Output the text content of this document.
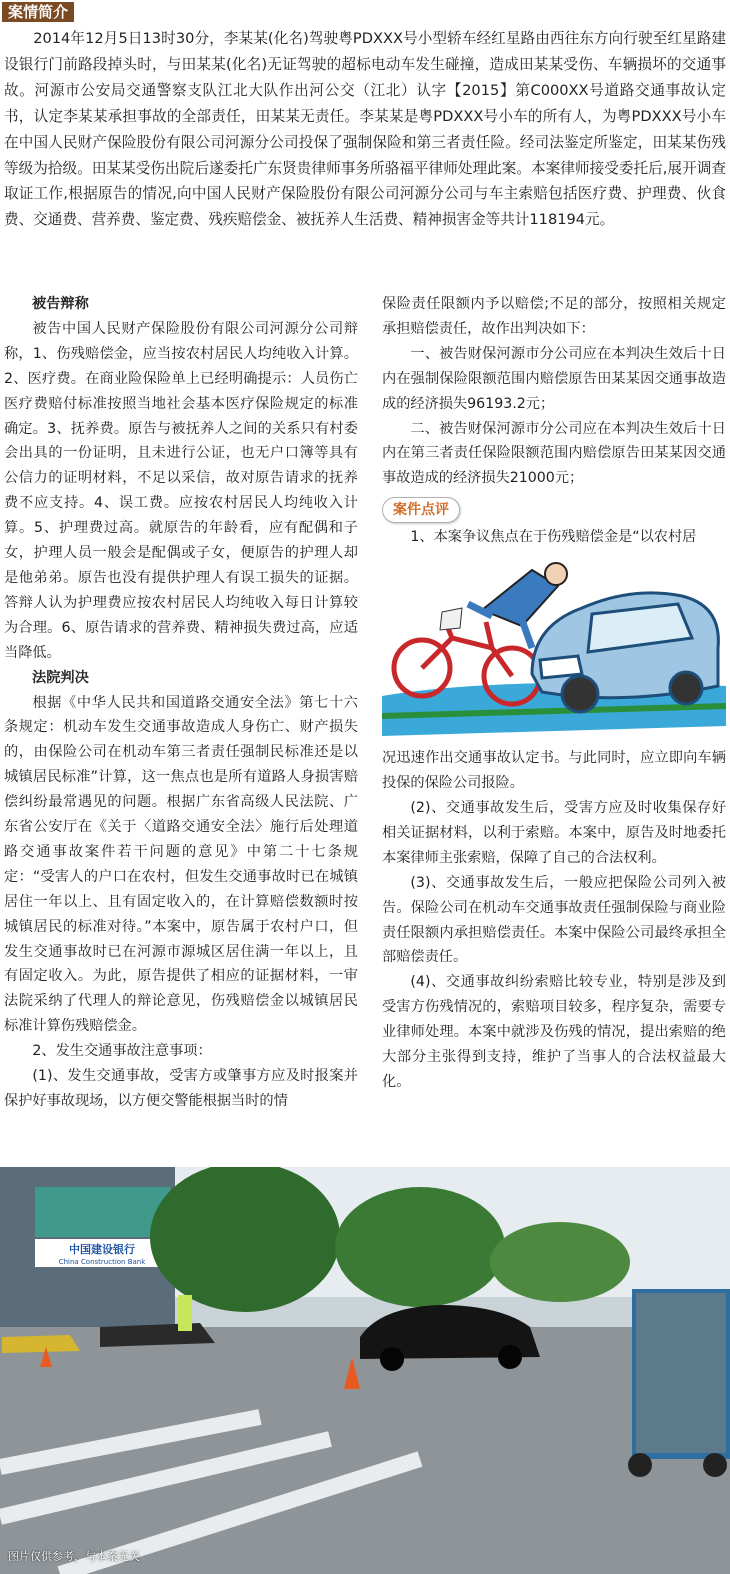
案情简介

2014年12月5日13时30分，李某某(化名)驾驶粤PDXXX号小型轿车经红星路由西往东方向行驶至红星路建设银行门前路段掉头时，与田某某(化名)无证驾驶的超标电动车发生碰撞，造成田某某受伤、车辆损坏的交通事故。河源市公安局交通警察支队江北大队作出河公交（江北）认字【2015】第C000XX号道路交通事故认定书，认定李某某承担事故的全部责任，田某某无责任。李某某是粤PDXXX号小车的所有人，为粤PDXXX号小车在中国人民财产保险股份有限公司河源分公司投保了强制保险和第三者责任险。经司法鉴定所鉴定，田某某伤残等级为拾级。田某某受伤出院后遂委托广东贤贵律师事务所骆福平律师处理此案。本案律师接受委托后,展开调查取证工作,根据原告的情况,向中国人民财产保险股份有限公司河源分公司与车主索赔包括医疗费、护理费、伙食费、交通费、营养费、鉴定费、残疾赔偿金、被抚养人生活费、精神损害金等共计118194元。

被告辩称

被告中国人民财产保险股份有限公司河源分公司辩称，1、伤残赔偿金，应当按农村居民人均纯收入计算。2、医疗费。在商业险保险单上已经明确提示：人员伤亡医疗费赔付标准按照当地社会基本医疗保险规定的标准确定。3、抚养费。原告与被抚养人之间的关系只有村委会出具的一份证明，且未进行公证，也无户口簿等具有公信力的证明材料，不足以采信，故对原告请求的抚养费不应支持。4、误工费。应按农村居民人均纯收入计算。5、护理费过高。就原告的年龄看，应有配偶和子女，护理人员一般会是配偶或子女，便原告的护理人却是他弟弟。原告也没有提供护理人有误工损失的证据。答辩人认为护理费应按农村居民人均纯收入每日计算较为合理。6、原告请求的营养费、精神损失费过高，应适当降低。

法院判决

根据《中华人民共和国道路交通安全法》第七十六条规定：机动车发生交通事故造成人身伤亡、财产损失的，由保险公司在机动车第三者责任强制民标准还是以城镇居民标准”计算，这一焦点也是所有道路人身损害赔偿纠纷最常遇见的问题。根据广东省高级人民法院、广东省公安厅在《关于〈道路交通安全法〉施行后处理道路交通事故案件若干问题的意见》中第二十七条规定：“受害人的户口在农村，但发生交通事故时已在城镇居住一年以上、且有固定收入的，在计算赔偿数额时按城镇居民的标准对待。”本案中，原告属于农村户口，但发生交通事故时已在河源市源城区居住满一年以上，且有固定收入。为此，原告提供了相应的证据材料，一审法院采纳了代理人的辩论意见，伤残赔偿金以城镇居民标准计算伤残赔偿金。

2、发生交通事故注意事项：

(1)、发生交通事故，受害方或肇事方应及时报案并保护好事故现场，以方便交警能根据当时的情

保险责任限额内予以赔偿;不足的部分，按照相关规定承担赔偿责任，故作出判决如下：

一、被告财保河源市分公司应在本判决生效后十日内在强制保险限额范围内赔偿原告田某某因交通事故造成的经济损失96193.2元；

二、被告财保河源市分公司应在本判决生效后十日内在第三者责任保险限额范围内赔偿原告田某某因交通事故造成的经济损失21000元；

案件点评

1、本案争议焦点在于伤残赔偿金是“以农村居

况迅速作出交通事故认定书。与此同时，应立即向车辆投保的保险公司报险。

(2)、交通事故发生后，受害方应及时收集保存好相关证据材料，以利于索赔。本案中，原告及时地委托本案律师主张索赔，保障了自己的合法权利。

(3)、交通事故发生后，一般应把保险公司列入被告。保险公司在机动车交通事故责任强制保险与商业险责任限额内承担赔偿责任。本案中保险公司最终承担全部赔偿责任。

(4)、交通事故纠纷索赔比较专业，特别是涉及到受害方伤残情况的，索赔项目较多，程序复杂，需要专业律师处理。本案中就涉及伤残的情况，提出索赔的绝大部分主张得到支持，维护了当事人的合法权益最大化。

中国建设银行
China Construction Bank
图片仅供参考，与本案无关
